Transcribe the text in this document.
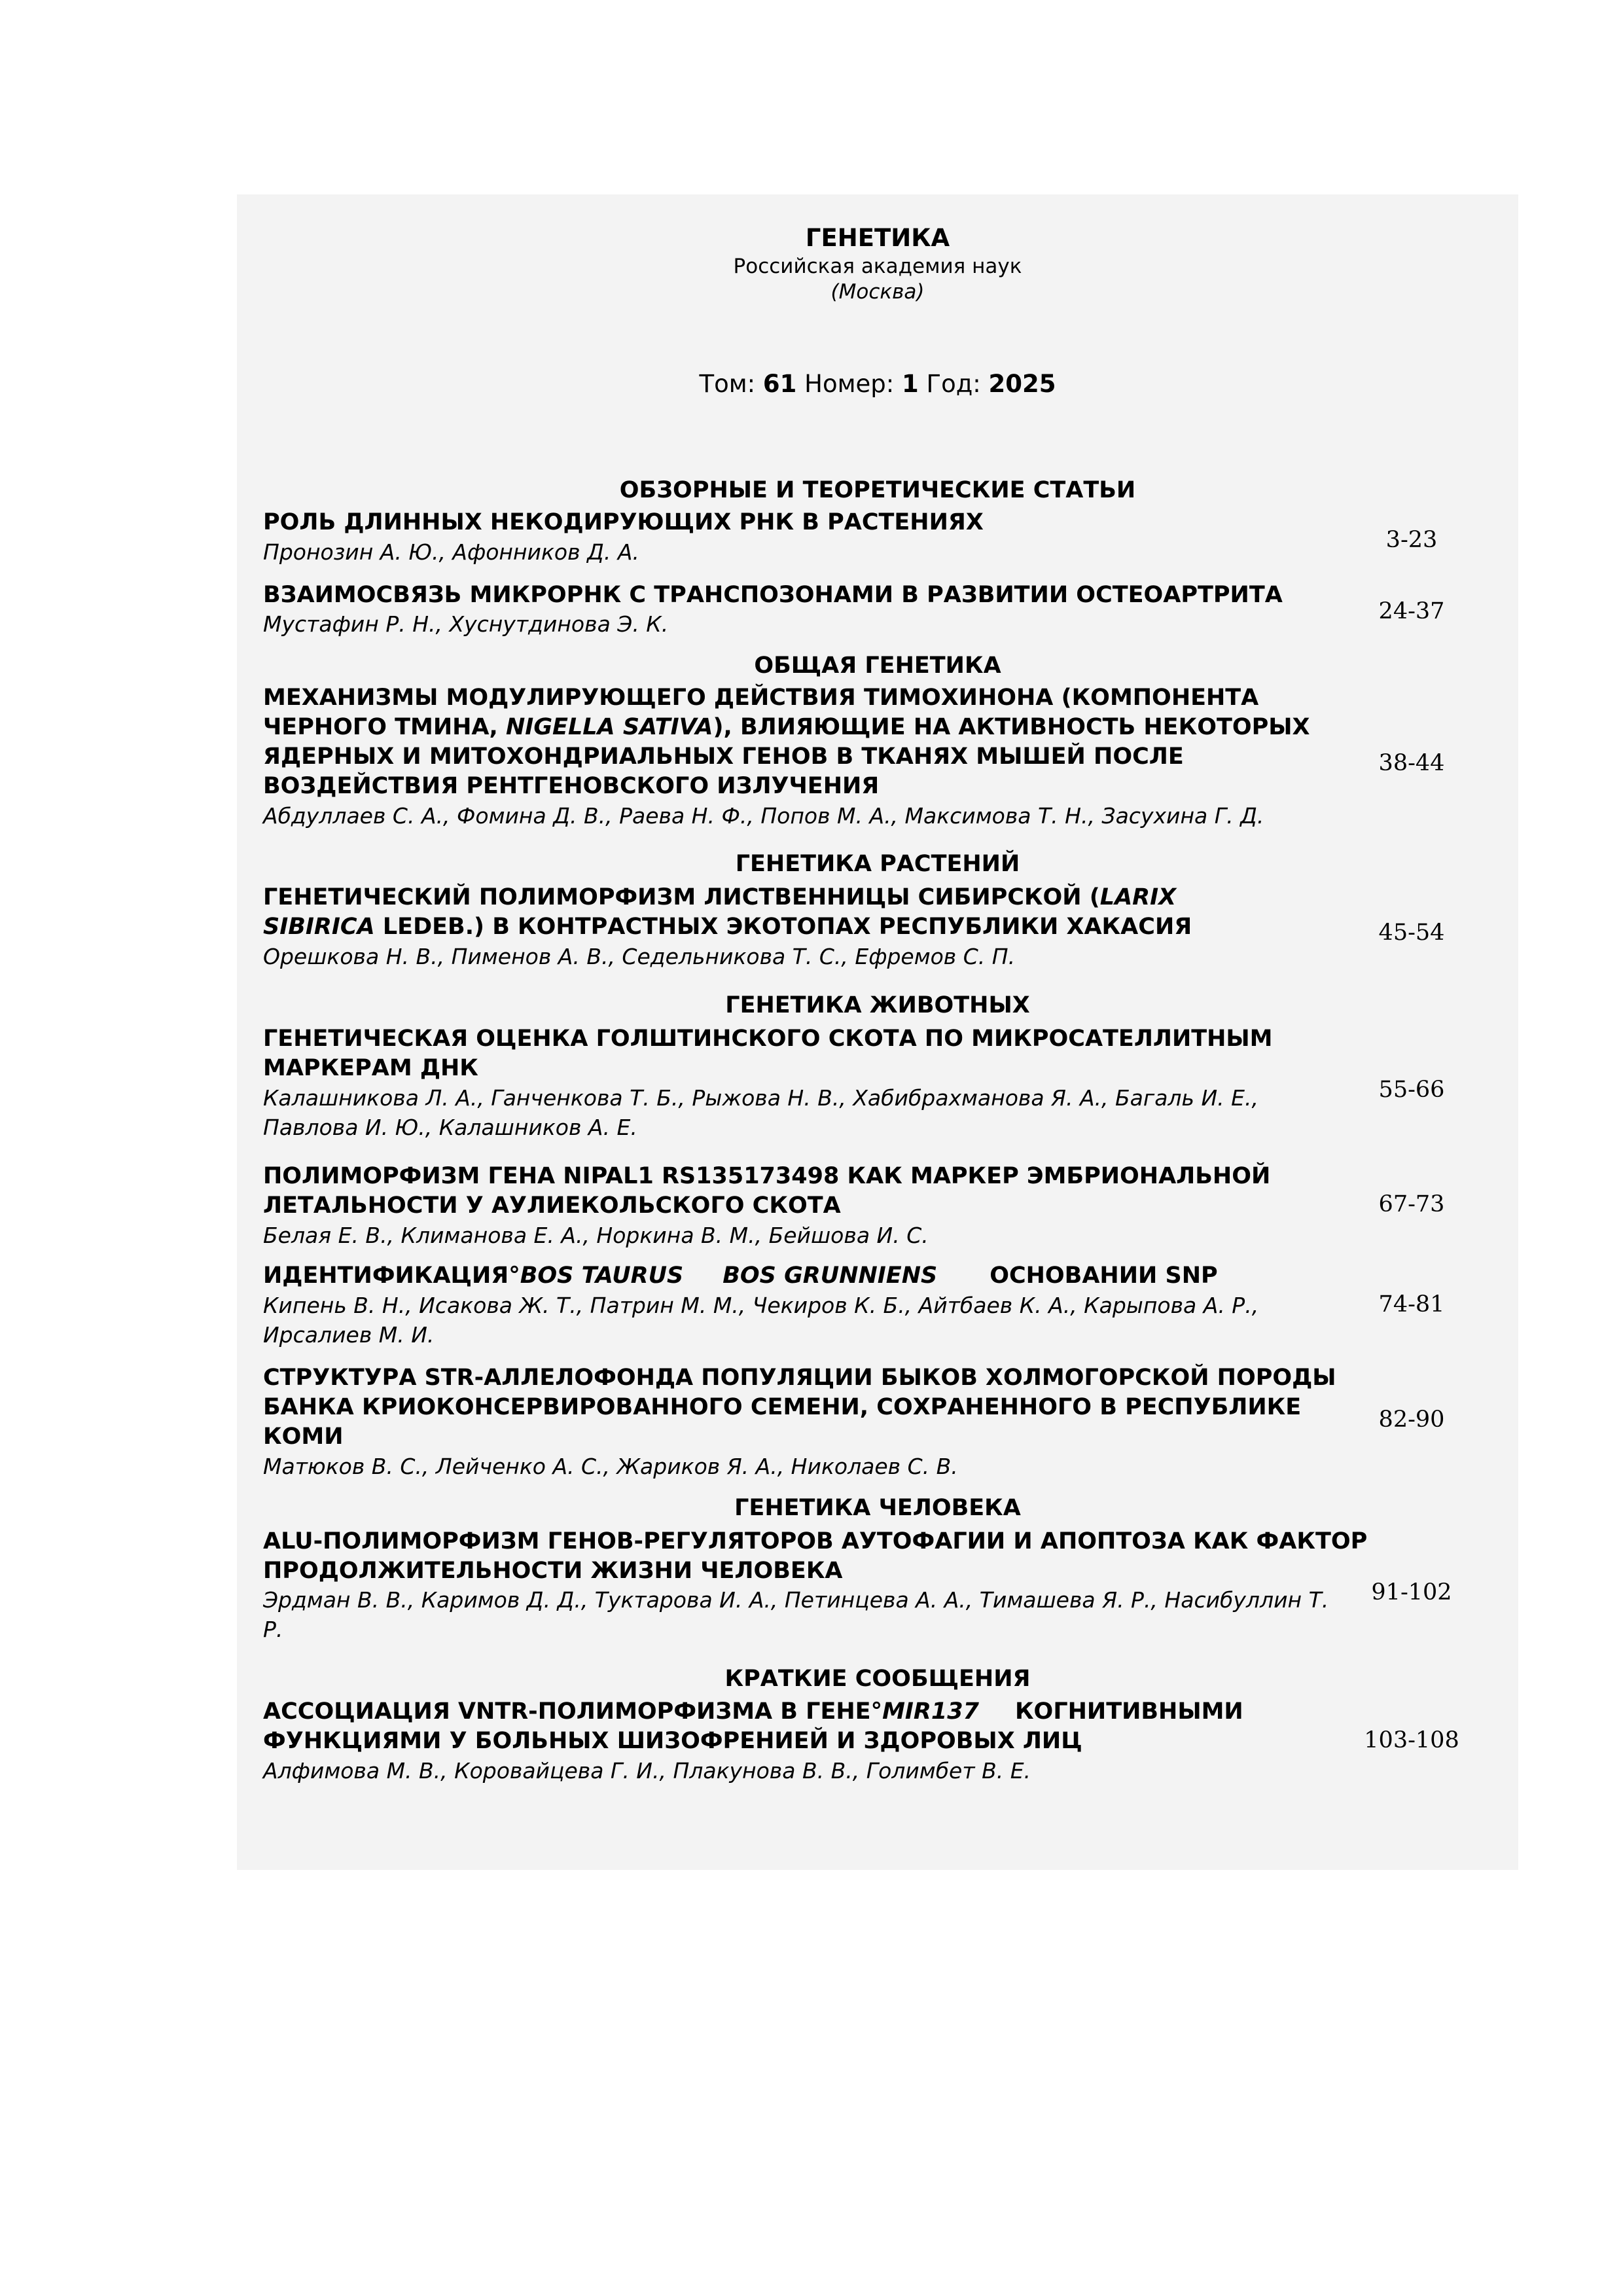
ГЕНЕТИКА
Российская академия наук
(Москва)
Том: 61 Номер: 1 Год: 2025
ОБЗОРНЫЕ И ТЕОРЕТИЧЕСКИЕ СТАТЬИ
РОЛЬ ДЛИННЫХ НЕКОДИРУЮЩИХ РНК В РАСТЕНИЯХ
Пронозин А. Ю., Афонников Д. А.	3-23
ВЗАИМОСВЯЗЬ МИКРОРНК С ТРАНСПОЗОНАМИ В РАЗВИТИИ ОСТЕОАРТРИТА
Мустафин Р. Н., Хуснутдинова Э. К.	24-37
ОБЩАЯ ГЕНЕТИКА
МЕХАНИЗМЫ МОДУЛИРУЮЩЕГО ДЕЙСТВИЯ ТИМОХИНОНА (КОМПОНЕНТА
ЧЕРНОГО ТМИНА, NIGELLA SATIVA), ВЛИЯЮЩИЕ НА АКТИВНОСТЬ НЕКОТОРЫХ
ЯДЕРНЫХ И МИТОХОНДРИАЛЬНЫХ ГЕНОВ В ТКАНЯХ МЫШЕЙ ПОСЛЕ
ВОЗДЕЙСТВИЯ РЕНТГЕНОВСКОГО ИЗЛУЧЕНИЯ
Абдуллаев С. А., Фомина Д. В., Раева Н. Ф., Попов М. А., Максимова Т. Н., Засухина Г. Д.
38-44
ГЕНЕТИКА РАСТЕНИЙ
ГЕНЕТИЧЕСКИЙ ПОЛИМОРФИЗМ ЛИСТВЕННИЦЫ СИБИРСКОЙ (LARIX
SIBIRICA LEDEB.) В КОНТРАСТНЫХ ЭКОТОПАХ РЕСПУБЛИКИ ХАКАСИЯ
Орешкова Н. В., Пименов А. В., Седельникова Т. С., Ефремов С. П.
45-54
ГЕНЕТИКА ЖИВОТНЫХ
ГЕНЕТИЧЕСКАЯ ОЦЕНКА ГОЛШТИНСКОГО СКОТА ПО МИКРОСАТЕЛЛИТНЫМ
МАРКЕРАМ ДНК
Калашникова Л. А., Ганченкова Т. Б., Рыжова Н. В., Хабибрахманова Я. А., Багаль И. Е.,
Павлова И. Ю., Калашников А. Е.
55-66
ПОЛИМОРФИЗМ ГЕНА NIPAL1 RS135173498 КАК МАРКЕР ЭМБРИОНАЛЬНОЙ
ЛЕТАЛЬНОСТИ У АУЛИЕКОЛЬСКОГО СКОТА
Белая Е. В., Климанова Е. А., Норкина В. М., Бейшова И. С.
67-73
ИДЕНТИФИКАЦИЯ°BOS TAURUS BOS GRUNNIENS ОСНОВАНИИ SNP
Кипень В. Н., Исакова Ж. Т., Патрин М. М., Чекиров К. Б., Айтбаев К. А., Карыпова А. Р.,
Ирсалиев М. И.
74-81
СТРУКТУРА STR-АЛЛЕЛОФОНДА ПОПУЛЯЦИИ БЫКОВ ХОЛМОГОРСКОЙ ПОРОДЫ
БАНКА КРИОКОНСЕРВИРОВАННОГО СЕМЕНИ, СОХРАНЕННОГО В РЕСПУБЛИКЕ
КОМИ
Матюков В. С., Лейченко А. С., Жариков Я. А., Николаев С. В.
82-90
ГЕНЕТИКА ЧЕЛОВЕКА
ALU-ПОЛИМОРФИЗМ ГЕНОВ-РЕГУЛЯТОРОВ АУТОФАГИИ И АПОПТОЗА КАК ФАКТОР
ПРОДОЛЖИТЕЛЬНОСТИ ЖИЗНИ ЧЕЛОВЕКА
Эрдман В. В., Каримов Д. Д., Туктарова И. А., Петинцева А. А., Тимашева Я. Р., Насибуллин Т.
Р.
91-102
КРАТКИЕ СООБЩЕНИЯ
АССОЦИАЦИЯ VNTR-ПОЛИМОРФИЗМА В ГЕНЕ°MIR137 КОГНИТИВНЫМИ
ФУНКЦИЯМИ У БОЛЬНЫХ ШИЗОФРЕНИЕЙ И ЗДОРОВЫХ ЛИЦ
Алфимова М. В., Коровайцева Г. И., Плакунова В. В., Голимбет В. Е.
103-108
